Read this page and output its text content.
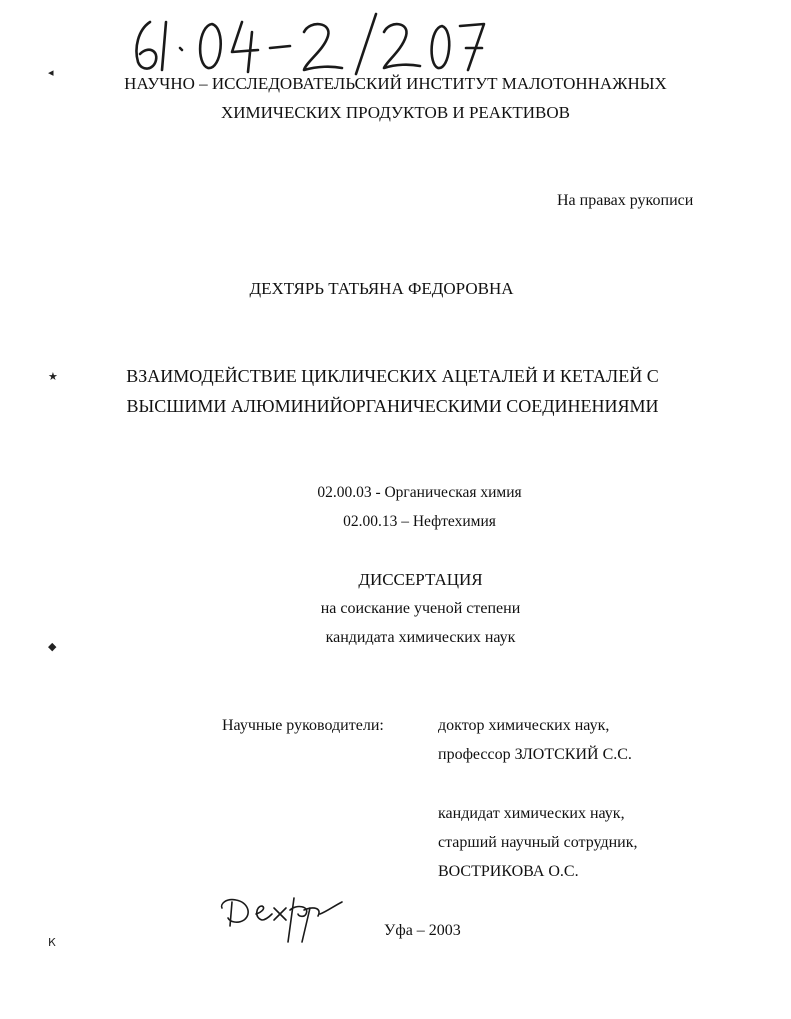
◂
★
◆
К
НАУЧНО – ИССЛЕДОВАТЕЛЬСКИЙ ИНСТИТУТ МАЛОТОННАЖНЫХ
ХИМИЧЕСКИХ ПРОДУКТОВ И РЕАКТИВОВ
На правах рукописи
ДЕХТЯРЬ ТАТЬЯНА ФЕДОРОВНА
ВЗАИМОДЕЙСТВИЕ ЦИКЛИЧЕСКИХ АЦЕТАЛЕЙ И КЕТАЛЕЙ С
ВЫСШИМИ АЛЮМИНИЙОРГАНИЧЕСКИМИ СОЕДИНЕНИЯМИ
02.00.03 - Органическая химия
02.00.13 – Нефтехимия
ДИССЕРТАЦИЯ
на соискание ученой степени
кандидата химических наук
Научные руководители:	доктор химических наук,
профессор ЗЛОТСКИЙ С.С.
кандидат химических наук,
старший научный сотрудник,
ВОСТРИКОВА О.С.
Уфа – 2003
